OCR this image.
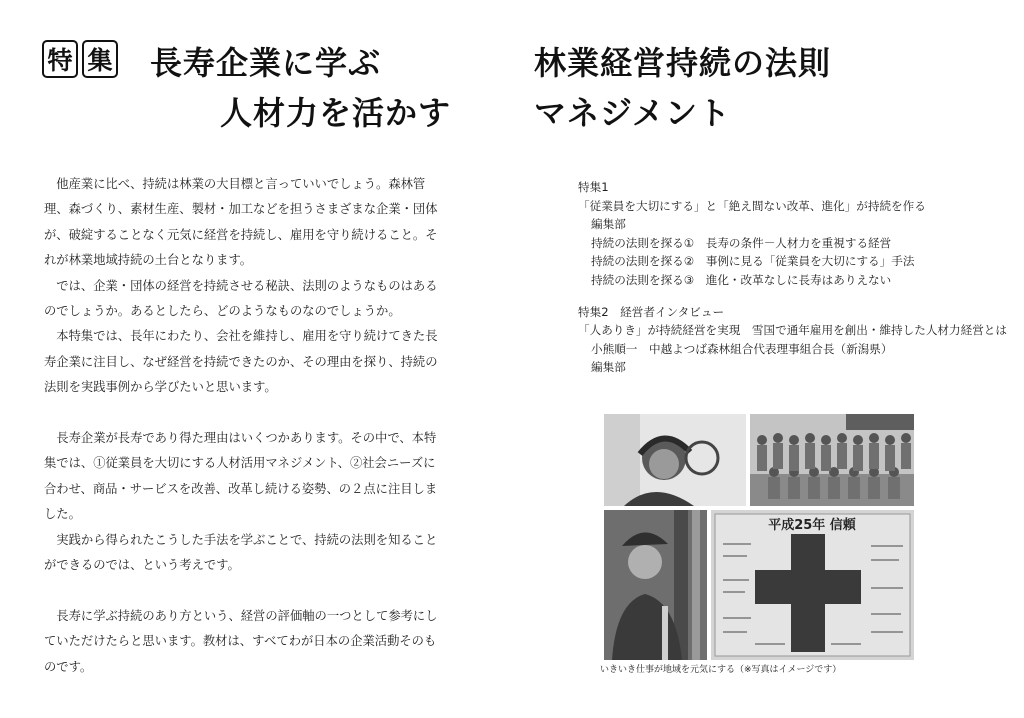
特 集 長寿企業に学ぶ	林業経営持続の法則
人材力を活かす	マネジメント

他産業に比べ、持続は林業の大目標と言っていいでしょう。森林管理、森づくり、素材生産、製材・加工などを担うさまざまな企業・団体が、破綻することなく元気に経営を持続し、雇用を守り続けること。それが林業地域持続の土台となります。

では、企業・団体の経営を持続させる秘訣、法則のようなものはあるのでしょうか。あるとしたら、どのようなものなのでしょうか。

本特集では、長年にわたり、会社を維持し、雇用を守り続けてきた長寿企業に注目し、なぜ経営を持続できたのか、その理由を探り、持続の法則を実践事例から学びたいと思います。

長寿企業が長寿であり得た理由はいくつかあります。その中で、本特集では、①従業員を大切にする人材活用マネジメント、②社会ニーズに合わせ、商品・サービスを改善、改革し続ける姿勢、の２点に注目しました。

実践から得られたこうした手法を学ぶことで、持続の法則を知ることができるのでは、という考えです。

長寿に学ぶ持続のあり方という、経営の評価軸の一つとして参考にしていただけたらと思います。教材は、すべてわが日本の企業活動そのものです。

特集1
「従業員を大切にする」と「絶え間ない改革、進化」が持続を作る
編集部
持続の法則を探る①　長寿の条件－人材力を重視する経営
持続の法則を探る②　事例に見る「従業員を大切にする」手法
持続の法則を探る③　進化・改革なしに長寿はありえない
特集2　経営者インタビュー
「人ありき」が持続経営を実現　雪国で通年雇用を創出・維持した人材力経営とは
小熊順一　中越よつば森林組合代表理事組合長（新潟県）
編集部
平成25年 信頼
いきいき仕事が地域を元気にする（※写真はイメージです）
